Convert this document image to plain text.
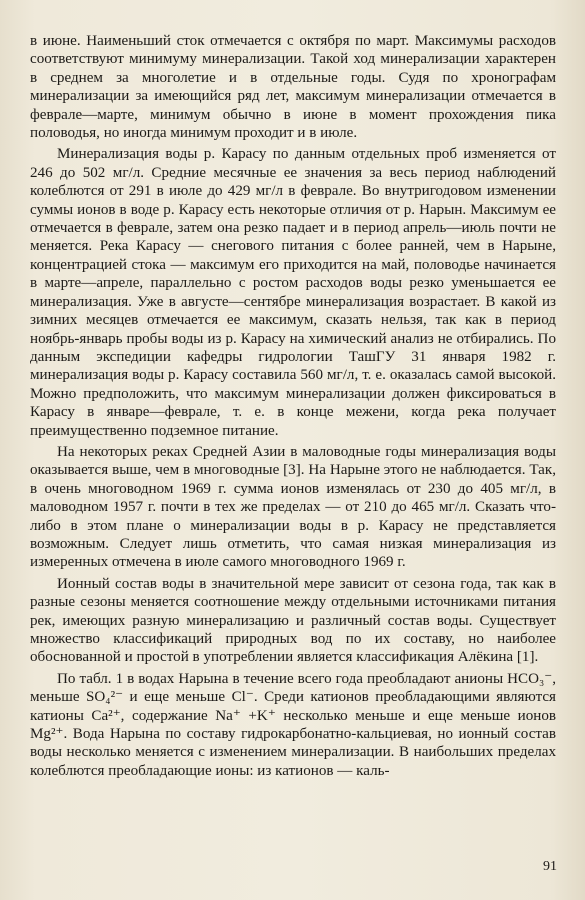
в июне. Наименьший сток отмечается с октября по март. Максимумы расходов соответствуют минимуму минерализации. Такой ход минерализации характерен в среднем за многолетие и в отдельные годы. Судя по хронографам минерализации за имеющийся ряд лет, максимум минерализации отмечается в феврале—марте, минимум обычно в июне в момент прохождения пика половодья, но иногда минимум проходит и в июле.

Минерализация воды р. Карасу по данным отдельных проб изменяется от 246 до 502 мг/л. Средние месячные ее значения за весь период наблюдений колеблются от 291 в июле до 429 мг/л в феврале. Во внутригодовом изменении суммы ионов в воде р. Карасу есть некоторые отличия от р. Нарын. Максимум ее отмечается в феврале, затем она резко падает и в период апрель—июль почти не меняется. Река Карасу — снегового питания с более ранней, чем в Нарыне, концентрацией стока — максимум его приходится на май, половодье начинается в марте—апреле, параллельно с ростом расходов воды резко уменьшается ее минерализация. Уже в августе—сентябре минерализация возрастает. В какой из зимних месяцев отмечается ее максимум, сказать нельзя, так как в период ноябрь-январь пробы воды из р. Карасу на химический анализ не отбирались. По данным экспедиции кафедры гидрологии ТашГУ 31 января 1982 г. минерализация воды р. Карасу составила 560 мг/л, т. е. оказалась самой высокой. Можно предположить, что максимум минерализации должен фиксироваться в Карасу в январе—феврале, т. е. в конце межени, когда река получает преимущественно подземное питание.

На некоторых реках Средней Азии в маловодные годы минерализация воды оказывается выше, чем в многоводные [3]. На Нарыне этого не наблюдается. Так, в очень многоводном 1969 г. сумма ионов изменялась от 230 до 405 мг/л, в маловодном 1957 г. почти в тех же пределах — от 210 до 465 мг/л. Сказать что-либо в этом плане о минерализации воды в р. Карасу не представляется возможным. Следует лишь отметить, что самая низкая минерализация из измеренных отмечена в июле самого многоводного 1969 г.

Ионный состав воды в значительной мере зависит от сезона года, так как в разные сезоны меняется соотношение между отдельными источниками питания рек, имеющих разную минерализацию и различный состав воды. Существует множество классификаций природных вод по их составу, но наиболее обоснованной и простой в употреблении является классификация Алёкина [1].

По табл. 1 в водах Нарына в течение всего года преобладают анионы HCO₃⁻, меньше SO₄²⁻ и еще меньше Cl⁻. Среди катионов преобладающими являются катионы Ca²⁺, содержание Na⁺ +K⁺ несколько меньше и еще меньше ионов Mg²⁺. Вода Нарына по составу гидрокарбонатно-кальциевая, но ионный состав воды несколько меняется с изменением минерализации. В наибольших пределах колеблются преобладающие ионы: из катионов — каль-

91
